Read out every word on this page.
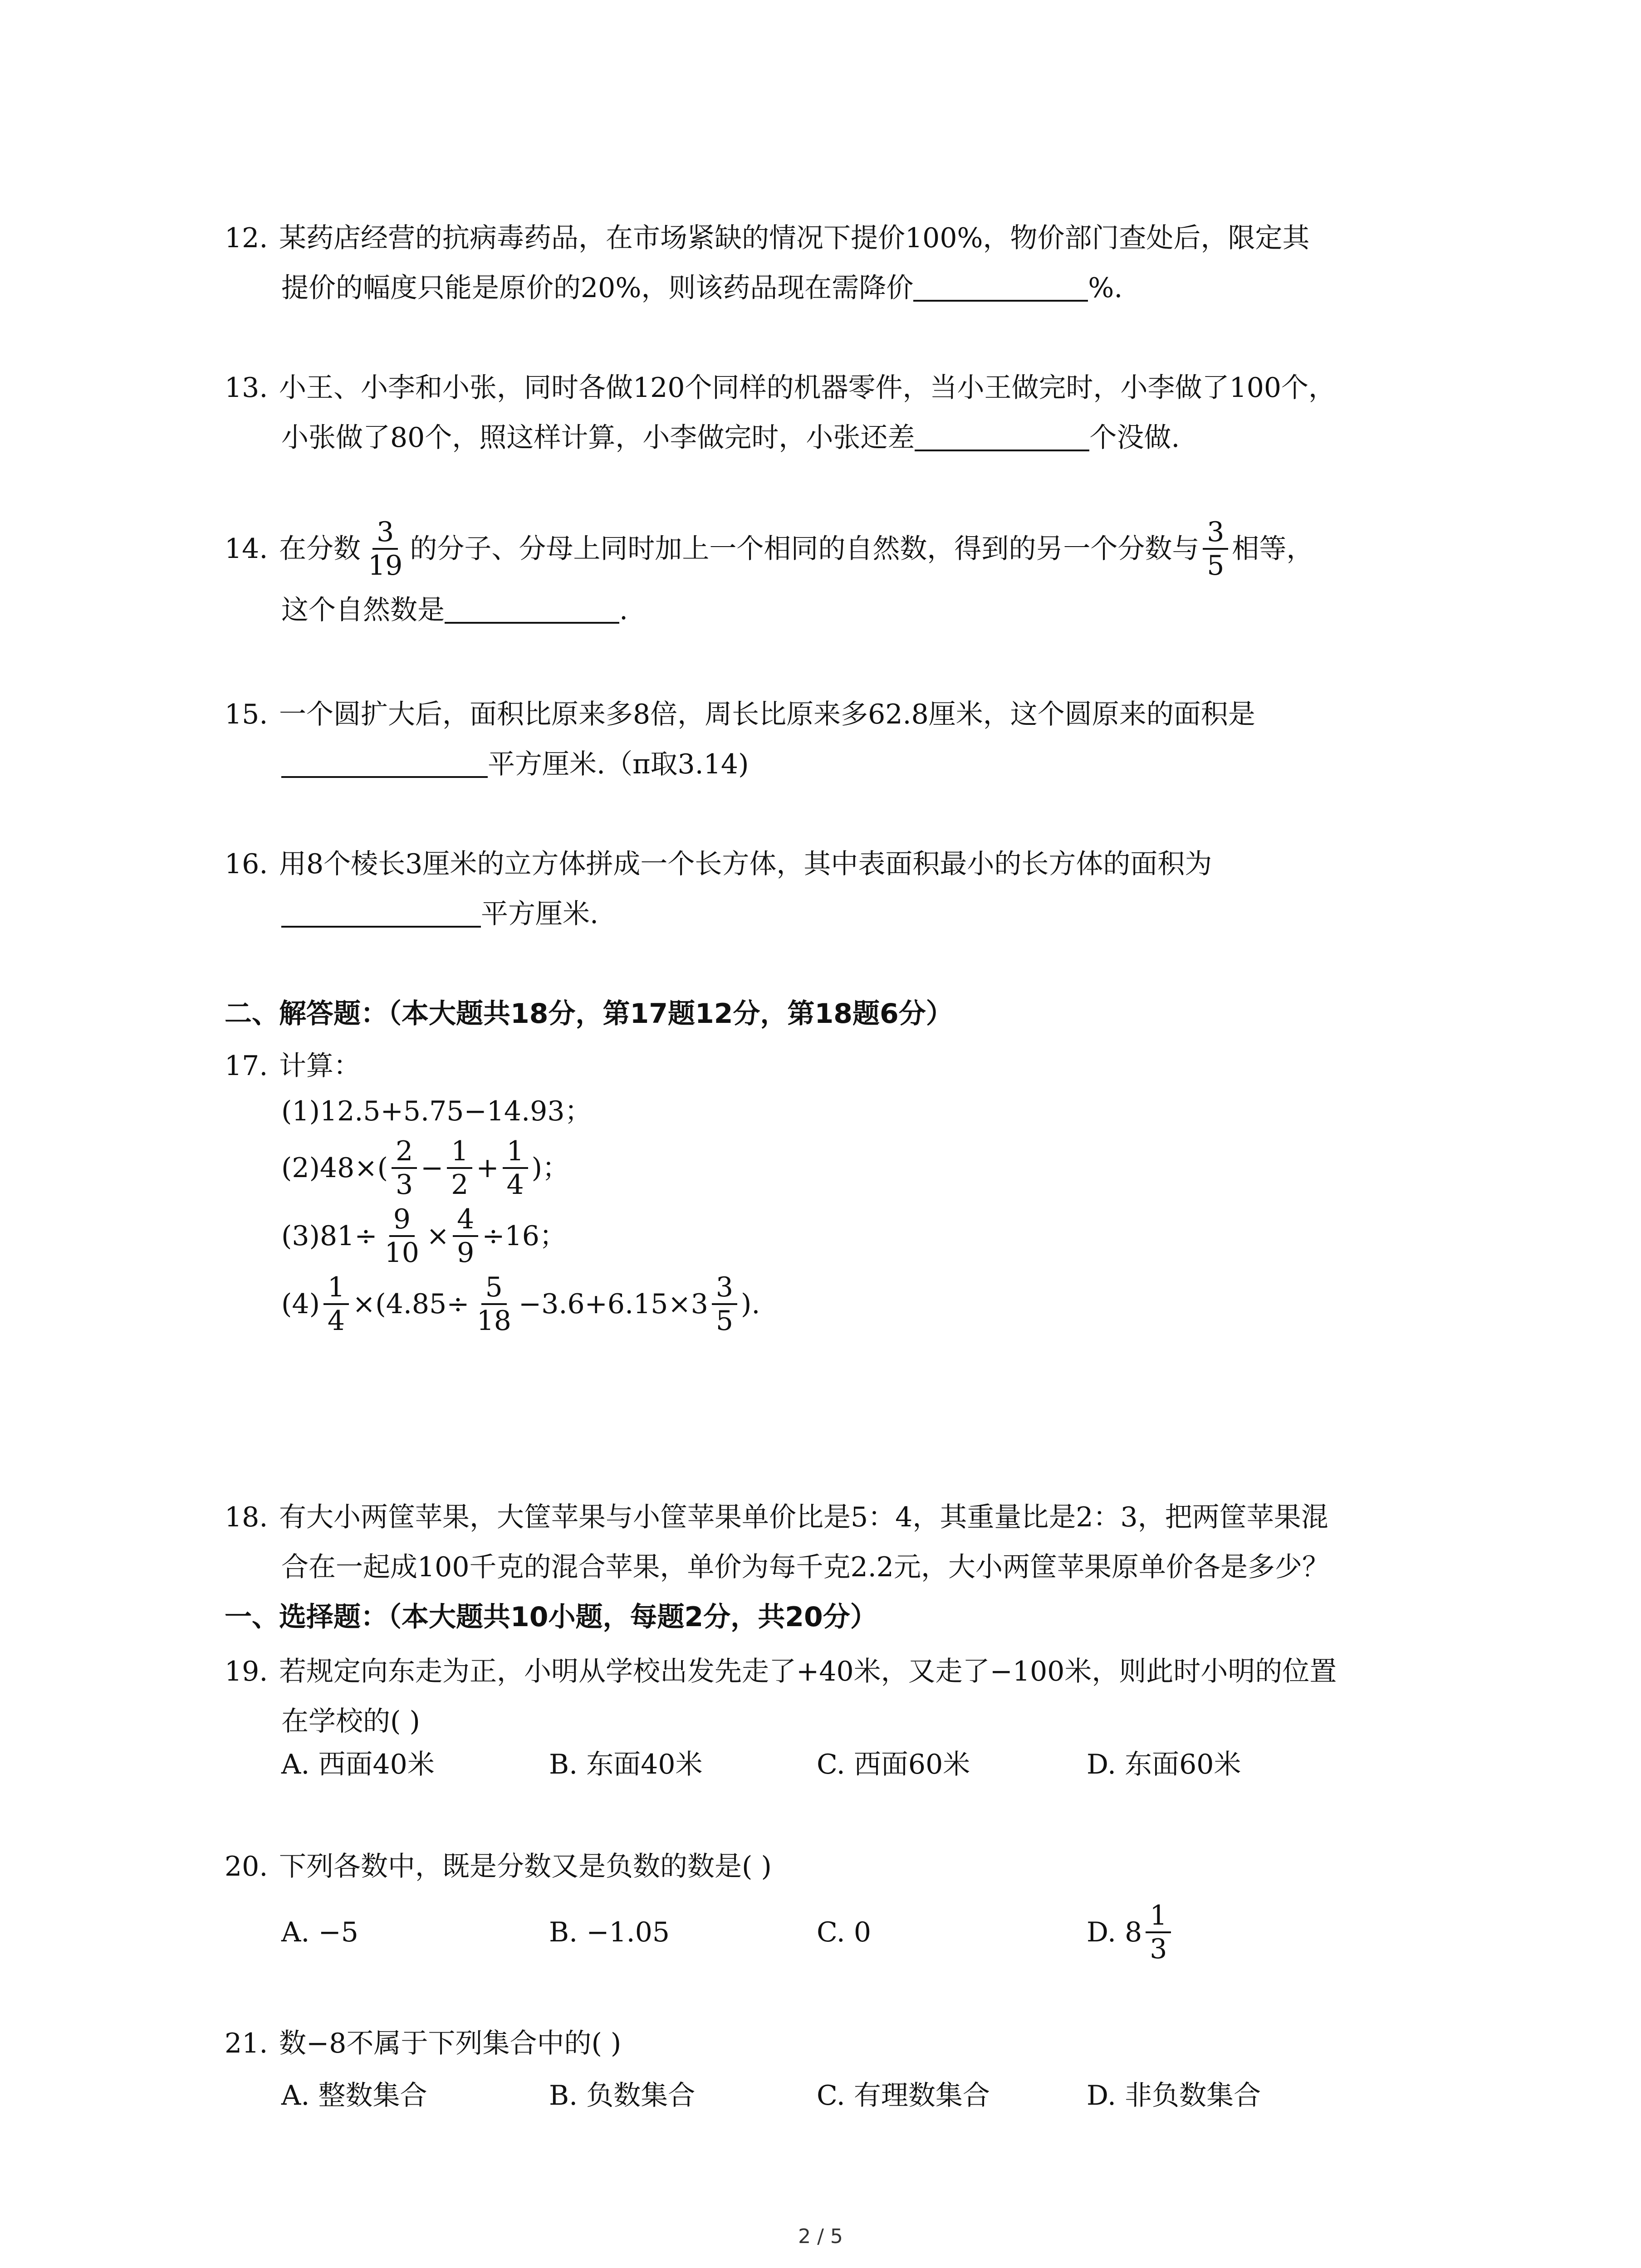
12. 某药店经营的抗病毒药品，在市场紧缺的情况下提价100%，物价部门查处后，限定其
提价的幅度只能是原价的20%，则该药品现在需降价	%.
13. 小王、小李和小张，同时各做120个同样的机器零件，当小王做完时，小李做了100个，
小张做了80个，照这样计算，小李做完时，小张还差	个没做.
14. 在分数 $\frac{3}{19}$ 的分子、分母上同时加上一个相同的自然数，得到的另一个分数与 $\frac{3}{5}$ 相等，
这个自然数是	.
15. 一个圆扩大后，面积比原来多8倍，周长比原来多62.8厘米，这个圆原来的面积是
平方厘米.（π取3.14)
16. 用8个棱长3厘米的立方体拼成一个长方体，其中表面积最小的长方体的面积为
平方厘米.
二、解答题：（本大题共18分，第17题12分，第18题6分）
17. 计算：
(1)12.5+5.75−14.93；
$(2)48\times( \frac{2}{3} - \frac{1}{2} + \frac{1}{4}$ )；
$(3)81\div \frac{9}{10} \times \frac{4}{9} \div 16$；
$(4) \frac{1}{4} \times(4.85\div \frac{5}{18} -3.6+6.15\times 3 \frac{3}{5}$ ).
18. 有大小两筐苹果，大筐苹果与小筐苹果单价比是5：4，其重量比是2：3，把两筐苹果混
合在一起成100千克的混合苹果，单价为每千克2.2元，大小两筐苹果原单价各是多少？
一、选择题：（本大题共10小题，每题2分，共20分）
19. 若规定向东走为正，小明从学校出发先走了+40米，又走了−100米，则此时小明的位置
在学校的( )
A. 西面40米	B. 东面40米	C. 西面60米	D. 东面60米
20. 下列各数中，既是分数又是负数的数是( )
A. −5	B. −1.05	C. 0	D. $8 \frac{1}{3}$
21. 数−8不属于下列集合中的( )
A. 整数集合	B. 负数集合	C. 有理数集合	D. 非负数集合
2 / 5
